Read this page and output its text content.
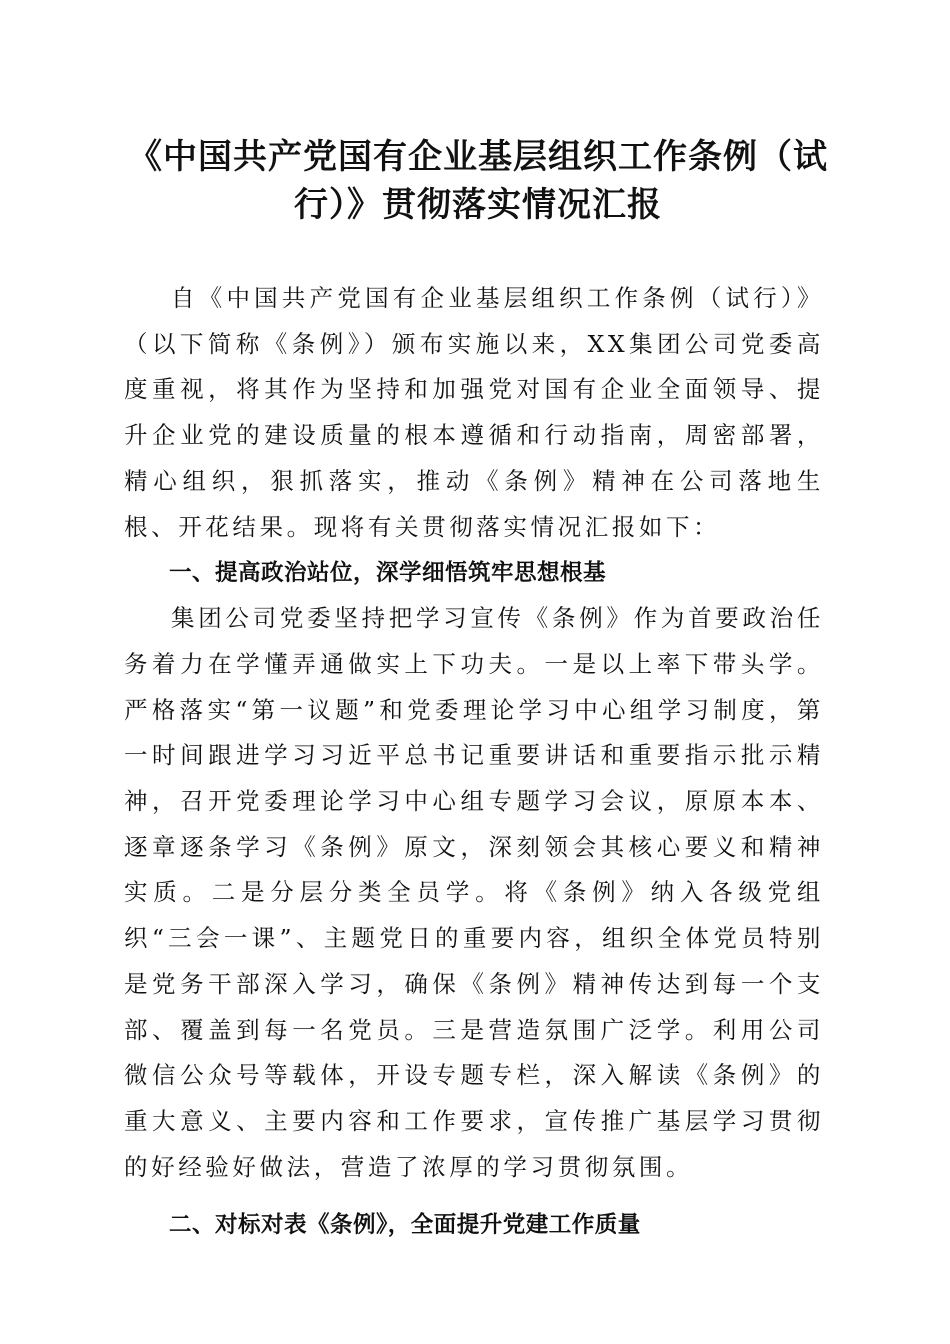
《中国共产党国有企业基层组织工作条例（试行）》贯彻落实情况汇报

自《中国共产党国有企业基层组织工作条例（试行）》（以下简称《条例》）颁布实施以来，XX集团公司党委高度重视，将其作为坚持和加强党对国有企业全面领导、提升企业党的建设质量的根本遵循和行动指南，周密部署，精心组织，狠抓落实，推动《条例》精神在公司落地生根、开花结果。现将有关贯彻落实情况汇报如下：

一、提高政治站位，深学细悟筑牢思想根基

集团公司党委坚持把学习宣传《条例》作为首要政治任务着力在学懂弄通做实上下功夫。一是以上率下带头学。严格落实“第一议题”和党委理论学习中心组学习制度，第一时间跟进学习习近平总书记重要讲话和重要指示批示精神，召开党委理论学习中心组专题学习会议，原原本本、逐章逐条学习《条例》原文，深刻领会其核心要义和精神实质。二是分层分类全员学。将《条例》纳入各级党组织“三会一课”、主题党日的重要内容，组织全体党员特别是党务干部深入学习，确保《条例》精神传达到每一个支部、覆盖到每一名党员。三是营造氛围广泛学。利用公司微信公众号等载体，开设专题专栏，深入解读《条例》的重大意义、主要内容和工作要求，宣传推广基层学习贯彻的好经验好做法，营造了浓厚的学习贯彻氛围。

二、对标对表《条例》，全面提升党建工作质量
